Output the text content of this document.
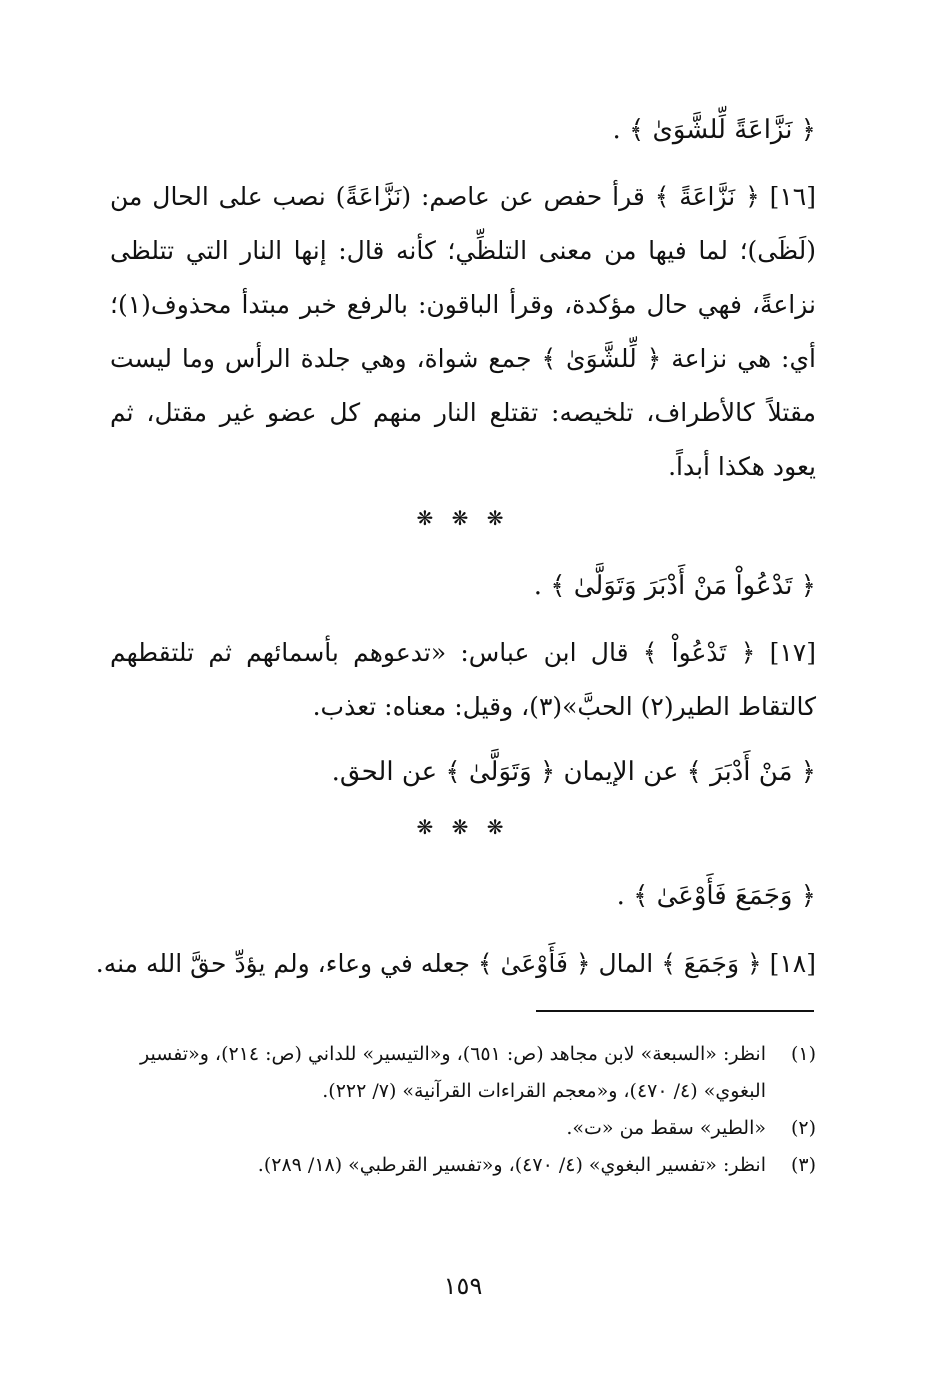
﴿ نَزَّاعَةً لِّلشَّوَىٰ ﴾ .

[١٦] ﴿ نَزَّاعَةً ﴾ قرأ حفص عن عاصم: (نَزَّاعَةً) نصب على الحال من (لَظَى)؛ لما فيها من معنى التلظِّي؛ كأنه قال: إنها النار التي تتلظى نزاعةً، فهي حال مؤكدة، وقرأ الباقون: بالرفع خبر مبتدأ محذوف(١)؛ أي: هي نزاعة ﴿ لِّلشَّوَىٰ ﴾ جمع شواة، وهي جلدة الرأس وما ليست مقتلاً كالأطراف، تلخيصه: تقتلع النار منهم كل عضو غير مقتل، ثم يعود هكذا أبداً.

❋ ❋ ❋
﴿ تَدْعُواْ مَنْ أَدْبَرَ وَتَوَلَّىٰ ﴾ .

[١٧] ﴿ تَدْعُواْ ﴾ قال ابن عباس: «تدعوهم بأسمائهم ثم تلتقطهم كالتقاط الطير(٢) الحبَّ»(٣)، وقيل: معناه: تعذب.

﴿ مَنْ أَدْبَرَ ﴾ عن الإيمان ﴿ وَتَوَلَّىٰ ﴾ عن الحق.
❋ ❋ ❋
﴿ وَجَمَعَ فَأَوْعَىٰ ﴾ .
[١٨] ﴿ وَجَمَعَ ﴾ المال ﴿ فَأَوْعَىٰ ﴾ جعله في وعاء، ولم يؤدِّ حقَّ الله منه.
(١)
انظر: «السبعة» لابن مجاهد (ص: ٦٥١)، و«التيسير» للداني (ص: ٢١٤)، و«تفسير البغوي» (٤/ ٤٧٠)، و«معجم القراءات القرآنية» (٧/ ٢٢٢).
(٢)
«الطير» سقط من «ت».
(٣)
انظر: «تفسير البغوي» (٤/ ٤٧٠)، و«تفسير القرطبي» (١٨/ ٢٨٩).
١٥٩
